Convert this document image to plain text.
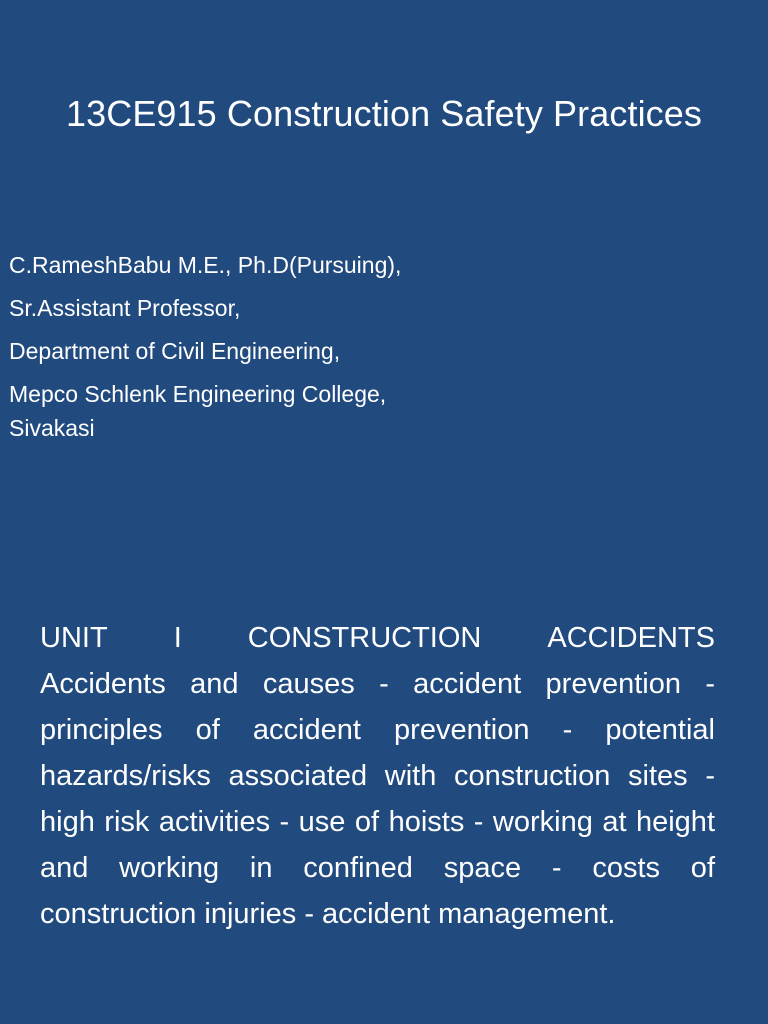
13CE915 Construction Safety Practices
C.RameshBabu M.E., Ph.D(Pursuing),
Sr.Assistant Professor,
Department of Civil Engineering,
Mepco Schlenk Engineering College,
Sivakasi
UNIT I CONSTRUCTION ACCIDENTS
Accidents and causes - accident prevention - principles of accident prevention - potential hazards/risks associated with construction sites - high risk activities - use of hoists - working at height and working in confined space - costs of construction injuries - accident management.
